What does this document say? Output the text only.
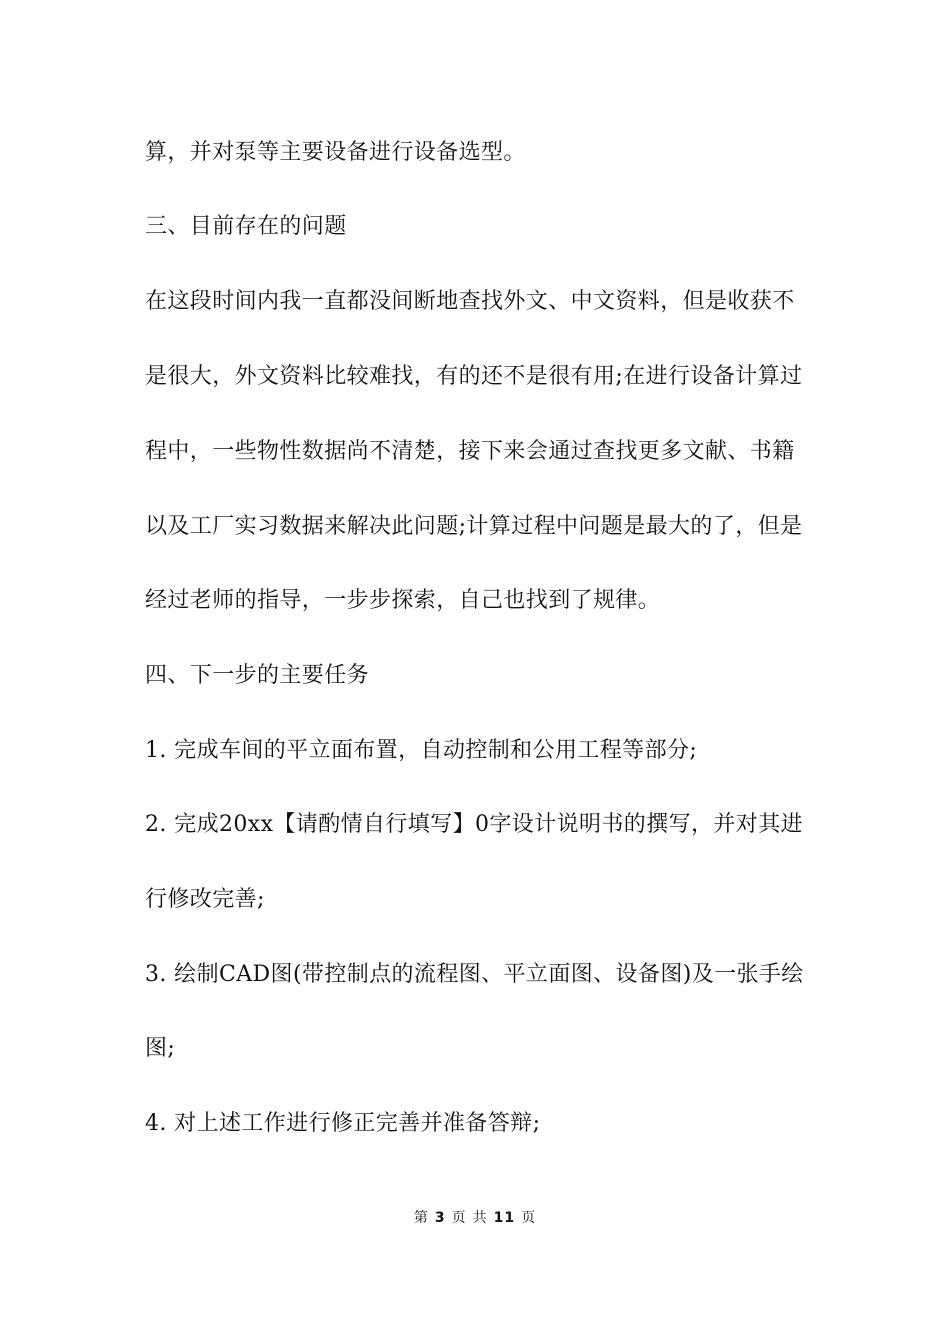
算，并对泵等主要设备进行设备选型。
三、目前存在的问题
在这段时间内我一直都没间断地查找外文、中文资料，但是收获不
是很大，外文资料比较难找，有的还不是很有用;在进行设备计算过
程中，一些物性数据尚不清楚，接下来会通过查找更多文献、书籍
以及工厂实习数据来解决此问题;计算过程中问题是最大的了，但是
经过老师的指导，一步步探索，自己也找到了规律。
四、下一步的主要任务
1. 完成车间的平立面布置，自动控制和公用工程等部分;
2. 完成20xx【请酌情自行填写】0字设计说明书的撰写，并对其进
行修改完善;
3. 绘制CAD图(带控制点的流程图、平立面图、设备图)及一张手绘
图;
4. 对上述工作进行修正完善并准备答辩;
第 3 页 共 11 页
